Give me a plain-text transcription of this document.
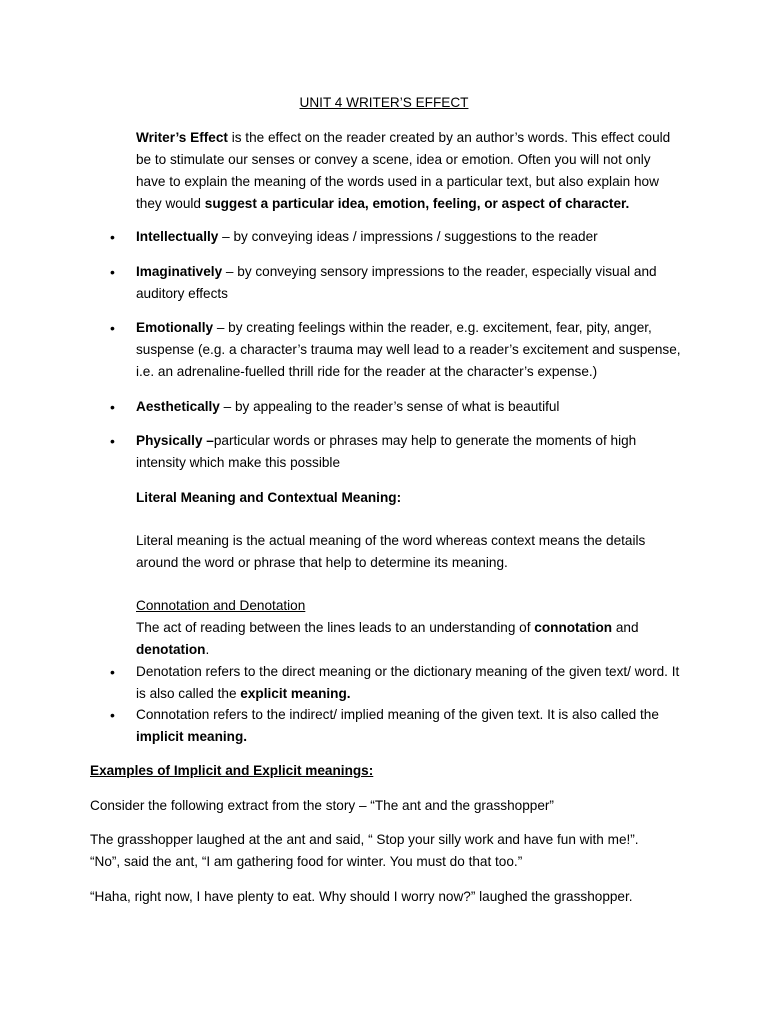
UNIT 4 WRITER’S EFFECT

Writer’s Effect is the effect on the reader created by an author’s words. This effect could be to stimulate our senses or convey a scene, idea or emotion. Often you will not only have to explain the meaning of the words used in a particular text, but also explain how they would suggest a particular idea, emotion, feeling, or aspect of character.

• Intellectually – by conveying ideas / impressions / suggestions to the reader

• Imaginatively – by conveying sensory impressions to the reader, especially visual and auditory effects

• Emotionally – by creating feelings within the reader, e.g. excitement, fear, pity, anger, suspense (e.g. a character’s trauma may well lead to a reader’s excitement and suspense, i.e. an adrenaline-fuelled thrill ride for the reader at the character’s expense.)

• Aesthetically – by appealing to the reader’s sense of what is beautiful

• Physically –particular words or phrases may help to generate the moments of high intensity which make this possible

Literal Meaning and Contextual Meaning:

Literal meaning is the actual meaning of the word whereas context means the details around the word or phrase that help to determine its meaning.

Connotation and Denotation

The act of reading between the lines leads to an understanding of connotation and denotation.

• Denotation refers to the direct meaning or the dictionary meaning of the given text/ word. It is also called the explicit meaning.

• Connotation refers to the indirect/ implied meaning of the given text. It is also called the implicit meaning.

Examples of Implicit and Explicit meanings:

Consider the following extract from the story – “The ant and the grasshopper”

The grasshopper laughed at the ant and said, “ Stop your silly work and have fun with me!”.

“No”, said the ant, “I am gathering food for winter. You must do that too.”

“Haha, right now, I have plenty to eat. Why should I worry now?” laughed the grasshopper.
